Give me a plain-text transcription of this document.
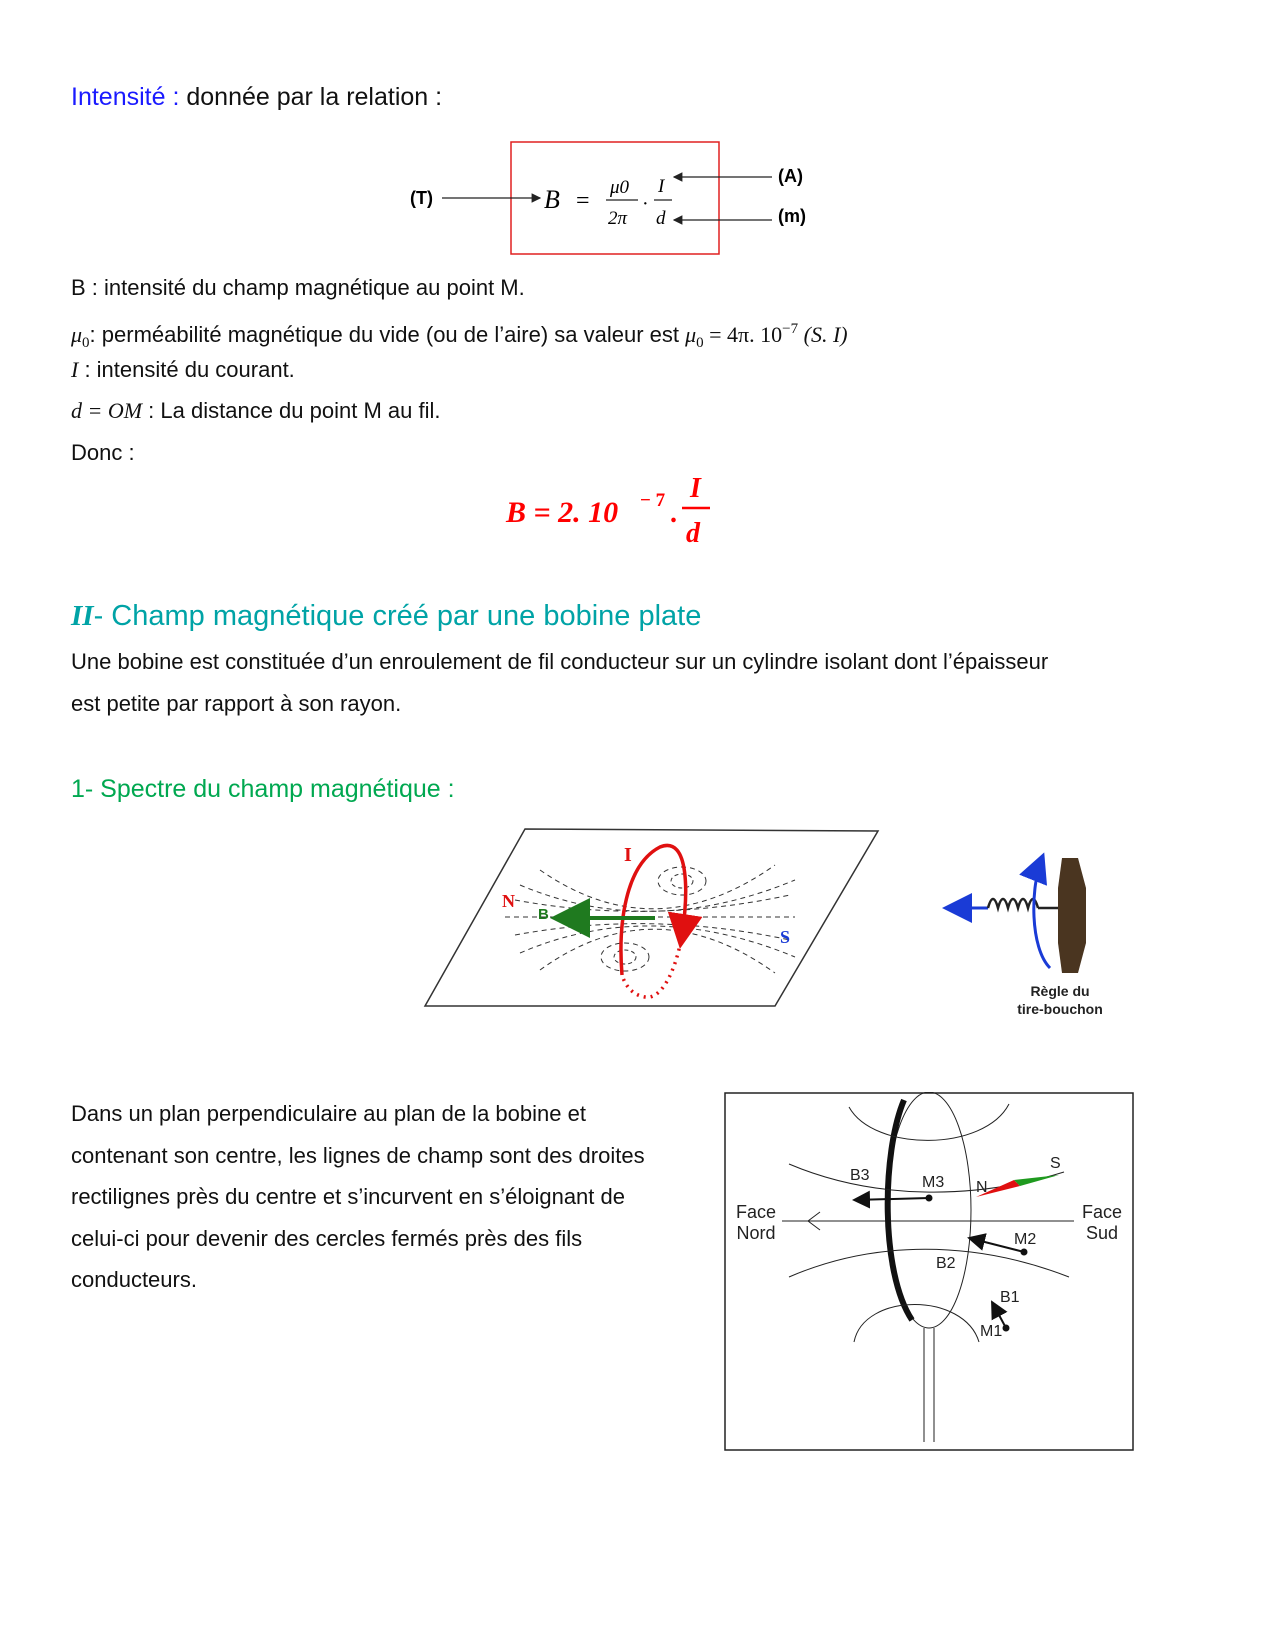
Intensité : donnée par la relation :
(T)	B =
μ0
2π
·
I
d
(A)
(m)
B : intensité du champ magnétique au point M.
$\mu_0$: perméabilité magnétique du vide (ou de l’aire) sa valeur est $\mu_0 = 4\pi$. $10^{-7}$ (S. I)
I : intensité du courant.
d = OM : La distance du point M au fil.
Donc :
B = 2. 10 − 7 .
I
d
II- Champ magnétique créé par une bobine plate
Une bobine est constituée d’un enroulement de fil conducteur sur un cylindre isolant dont l’épaisseur
est petite par rapport à son rayon.
1- Spectre du champ magnétique :
I
N
B
S
Règle du
tire-bouchon
Dans un plan perpendiculaire au plan de la bobine et
contenant son centre, les lignes de champ sont des droites
rectilignes près du centre et s’incurvent en s’éloignant de
celui-ci pour devenir des cercles fermés près des fils
conducteurs.
Face
Nord
Face
Sud
B3	M3 N
S
M2
B2
B1
M1
